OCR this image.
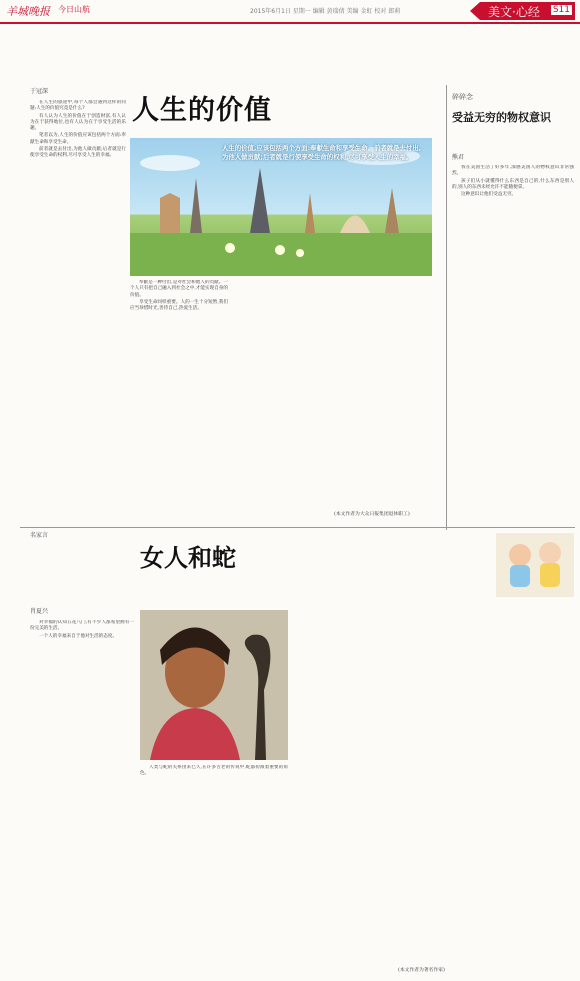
羊城晚报 今日山航	2015年6月1日 星期一 编辑 黄瑞倩 美编 金虹 校对 郎莉	美文·心经 S11
于冠深
人生的价值

在人生的旅途中,每个人都会遇到这样的问题:人生的价值究竟是什么?

有人认为人生的价值在于创造财富,有人认为在于获得地位,也有人认为在于享受生活的乐趣。

笔者以为,人生的价值应该包括两个方面:奉献生命和享受生命。

前者就是去付出,为他人做贡献;后者就是行使享受生命的权利,尽可享受人生的幸福。

人生的价值,应该包括两个方面:奉献生命和享受生命。前者就是去付出,为他人做贡献;后者就是行使享受生命的权利,尽可享受人生的幸福。

奉献是一种付出,是对社会和他人的贡献。一个人只有把自己融入到社会之中,才能实现自身的价值。

享受生命同样重要。人的一生十分短暂,我们应当珍惜时光,善待自己,热爱生活。

(本文作者为大众日报集团退休职工)
碎碎念
受益无穷的物权意识
熊君

我在美国生活了好多年,深感美国人的物权意识非常强烈。

孩子们从小就懂得什么东西是自己的,什么东西是别人的,别人的东西未经允许不能随便拿。

这种意识让他们受益无穷。

名家言
女人和蛇
肖夏兴

对幸福的认知五花八门,有不少人都希望拥有一份完美的生活。

一个人的幸福来自于他对生活的态度。

人类与蛇的关系由来已久,在许多古老的传说中,蛇都扮演着重要的角色。

(本文作者为著名作家)
